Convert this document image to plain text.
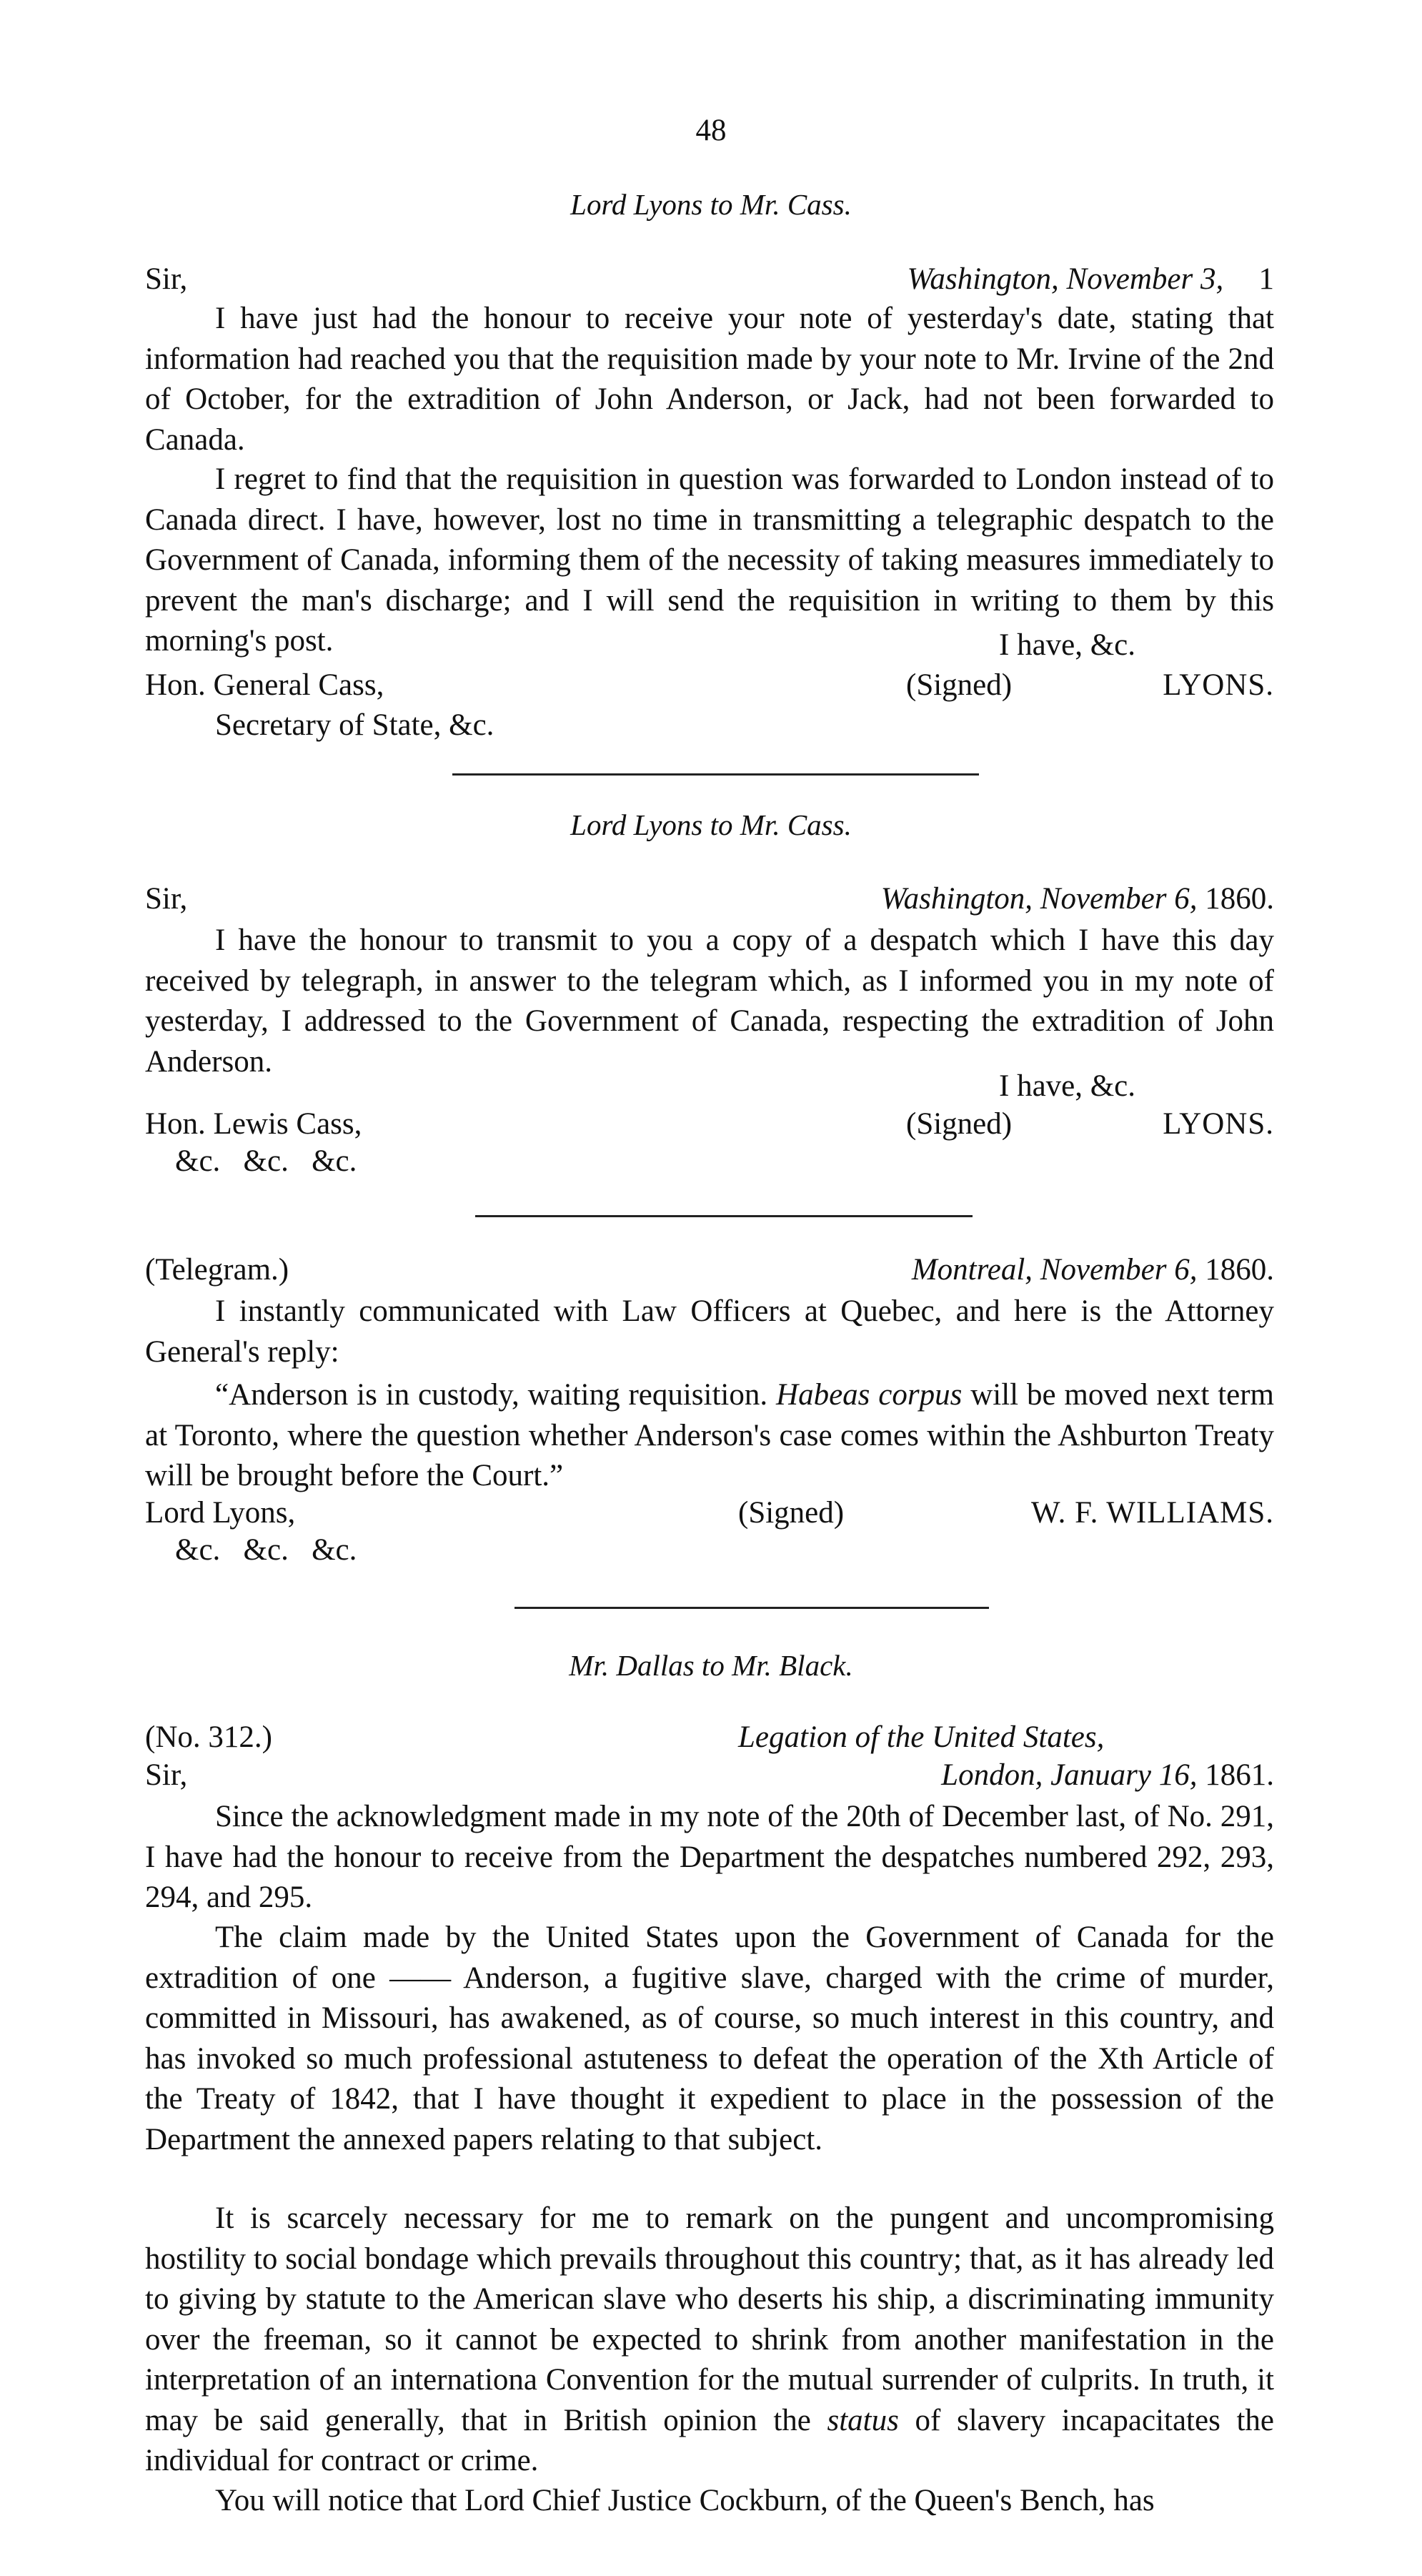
48
Lord Lyons to Mr. Cass.
Sir,	Washington, November 3, 1

I have just had the honour to receive your note of yesterday's date, stating that information had reached you that the requisition made by your note to Mr. Irvine of the 2nd of October, for the extradition of John Anderson, or Jack, had not been forwarded to Canada.

I regret to find that the requisition in question was forwarded to London instead of to Canada direct. I have, however, lost no time in transmitting a telegraphic despatch to the Government of Canada, informing them of the necessity of taking measures immediately to prevent the man's discharge; and I will send the requisition in writing to them by this morning's post.	I have, &c.
Hon. General Cass,	(Signed)	LYONS.
Secretary of State, &c.
Lord Lyons to Mr. Cass.
Sir,	Washington, November 6, 1860.

I have the honour to transmit to you a copy of a despatch which I have this day received by telegraph, in answer to the telegram which, as I informed you in my note of yesterday, I addressed to the Government of Canada, respecting the extradition of John Anderson.

I have, &c.
Hon. Lewis Cass,	(Signed)	LYONS.
&c.   &c.   &c.
(Telegram.)	Montreal, November 6, 1860.

I instantly communicated with Law Officers at Quebec, and here is the Attorney General's reply:

“Anderson is in custody, waiting requisition. Habeas corpus will be moved next term at Toronto, where the question whether Anderson's case comes within the Ashburton Treaty will be brought before the Court.”

Lord Lyons,	(Signed)	W. F. WILLIAMS.
&c.   &c.   &c.
Mr. Dallas to Mr. Black.
(No. 312.)	Legation of the United States,
Sir,	London, January 16, 1861.

Since the acknowledgment made in my note of the 20th of December last, of No. 291, I have had the honour to receive from the Department the despatches numbered 292, 293, 294, and 295.

The claim made by the United States upon the Government of Canada for the extradition of one —— Anderson, a fugitive slave, charged with the crime of murder, committed in Missouri, has awakened, as of course, so much interest in this country, and has invoked so much professional astuteness to defeat the operation of the Xth Article of the Treaty of 1842, that I have thought it expedient to place in the possession of the Department the annexed papers relating to that subject.

It is scarcely necessary for me to remark on the pungent and uncompromising hostility to social bondage which prevails throughout this country; that, as it has already led to giving by statute to the American slave who deserts his ship, a discriminating immunity over the freeman, so it cannot be expected to shrink from another manifestation in the interpretation of an internationa Convention for the mutual surrender of culprits. In truth, it may be said generally, that in British opinion the status of slavery incapacitates the individual for contract or crime.

You will notice that Lord Chief Justice Cockburn, of the Queen's Bench, has
